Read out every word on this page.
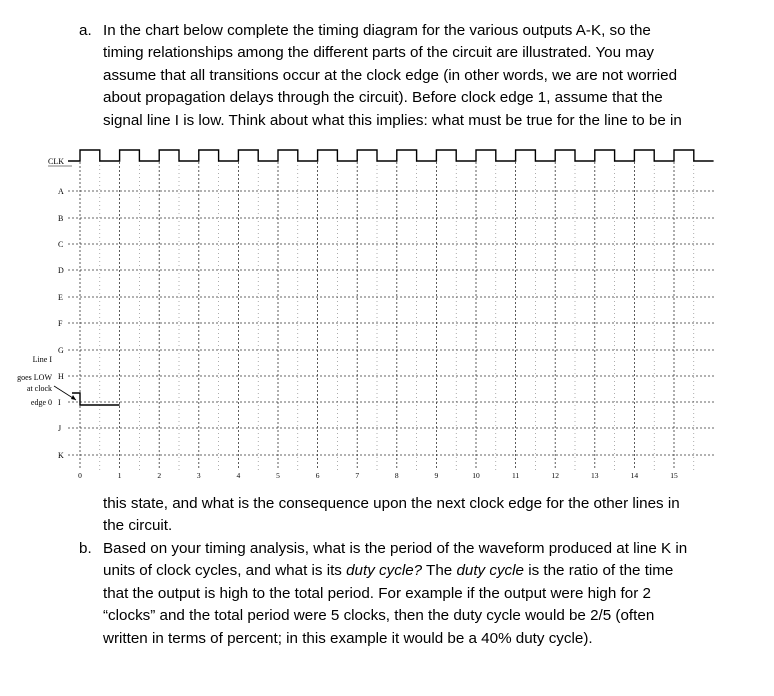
a. In the chart below complete the timing diagram for the various outputs A-K, so the
timing relationships among the different parts of the circuit are illustrated. You may
assume that all transitions occur at the clock edge (in other words, we are not worried
about propagation delays through the circuit). Before clock edge 1, assume that the
signal line I is low. Think about what this implies: what must be true for the line to be in
A
B
C
D
E
F
G
H
I
J
K
CLK
Line I
goes LOW
at clock
edge 0
0	1	2	3	4	5	6	7	8	9	10	11	12	13	14	15
this state, and what is the consequence upon the next clock edge for the other lines in
the circuit.
b. Based on your timing analysis, what is the period of the waveform produced at line K in
units of clock cycles, and what is its duty cycle? The duty cycle is the ratio of the time
that the output is high to the total period. For example if the output were high for 2
“clocks” and the total period were 5 clocks, then the duty cycle would be 2/5 (often
written in terms of percent; in this example it would be a 40% duty cycle).
